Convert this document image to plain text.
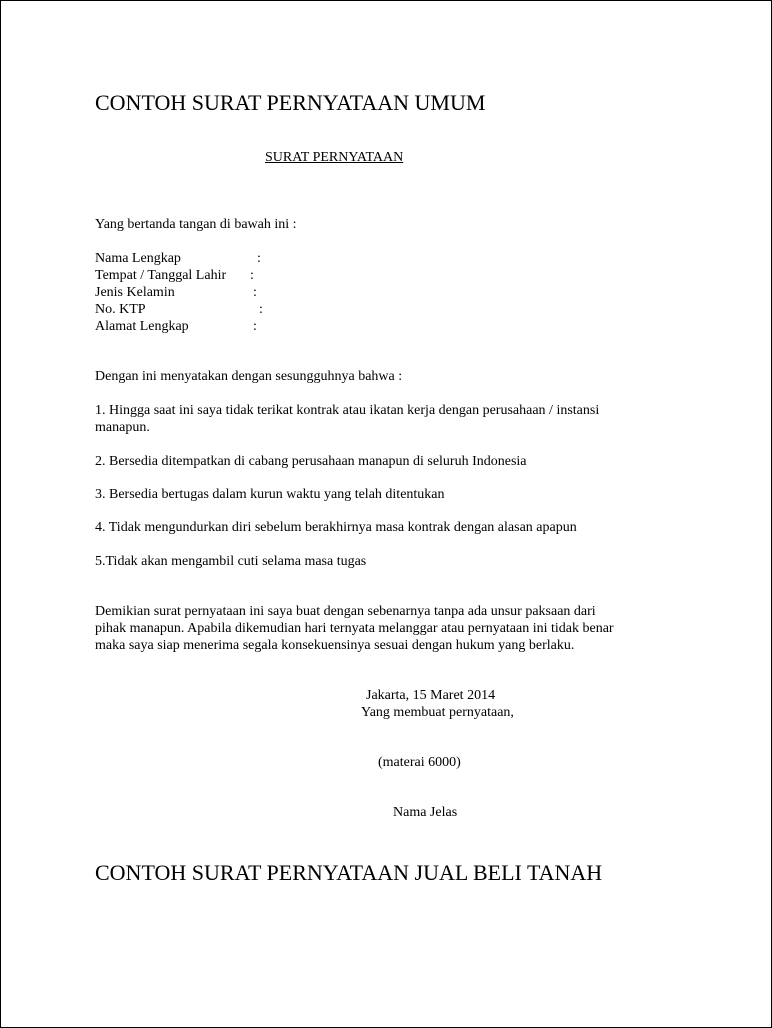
CONTOH SURAT PERNYATAAN UMUM
SURAT PERNYATAAN
Yang bertanda tangan di bawah ini :
Nama Lengkap	:
Tempat / Tanggal Lahir :
Jenis Kelamin	:
No. KTP	:
Alamat Lengkap	:
Dengan ini menyatakan dengan sesungguhnya bahwa :
1. Hingga saat ini saya tidak terikat kontrak atau ikatan kerja dengan perusahaan / instansi
manapun.
2. Bersedia ditempatkan di cabang perusahaan manapun di seluruh Indonesia
3. Bersedia bertugas dalam kurun waktu yang telah ditentukan
4. Tidak mengundurkan diri sebelum berakhirnya masa kontrak dengan alasan apapun
5.Tidak akan mengambil cuti selama masa tugas
Demikian surat pernyataan ini saya buat dengan sebenarnya tanpa ada unsur paksaan dari
pihak manapun. Apabila dikemudian hari ternyata melanggar atau pernyataan ini tidak benar
maka saya siap menerima segala konsekuensinya sesuai dengan hukum yang berlaku.
Jakarta, 15 Maret 2014
Yang membuat pernyataan,
(materai 6000)
Nama Jelas
CONTOH SURAT PERNYATAAN JUAL BELI TANAH
